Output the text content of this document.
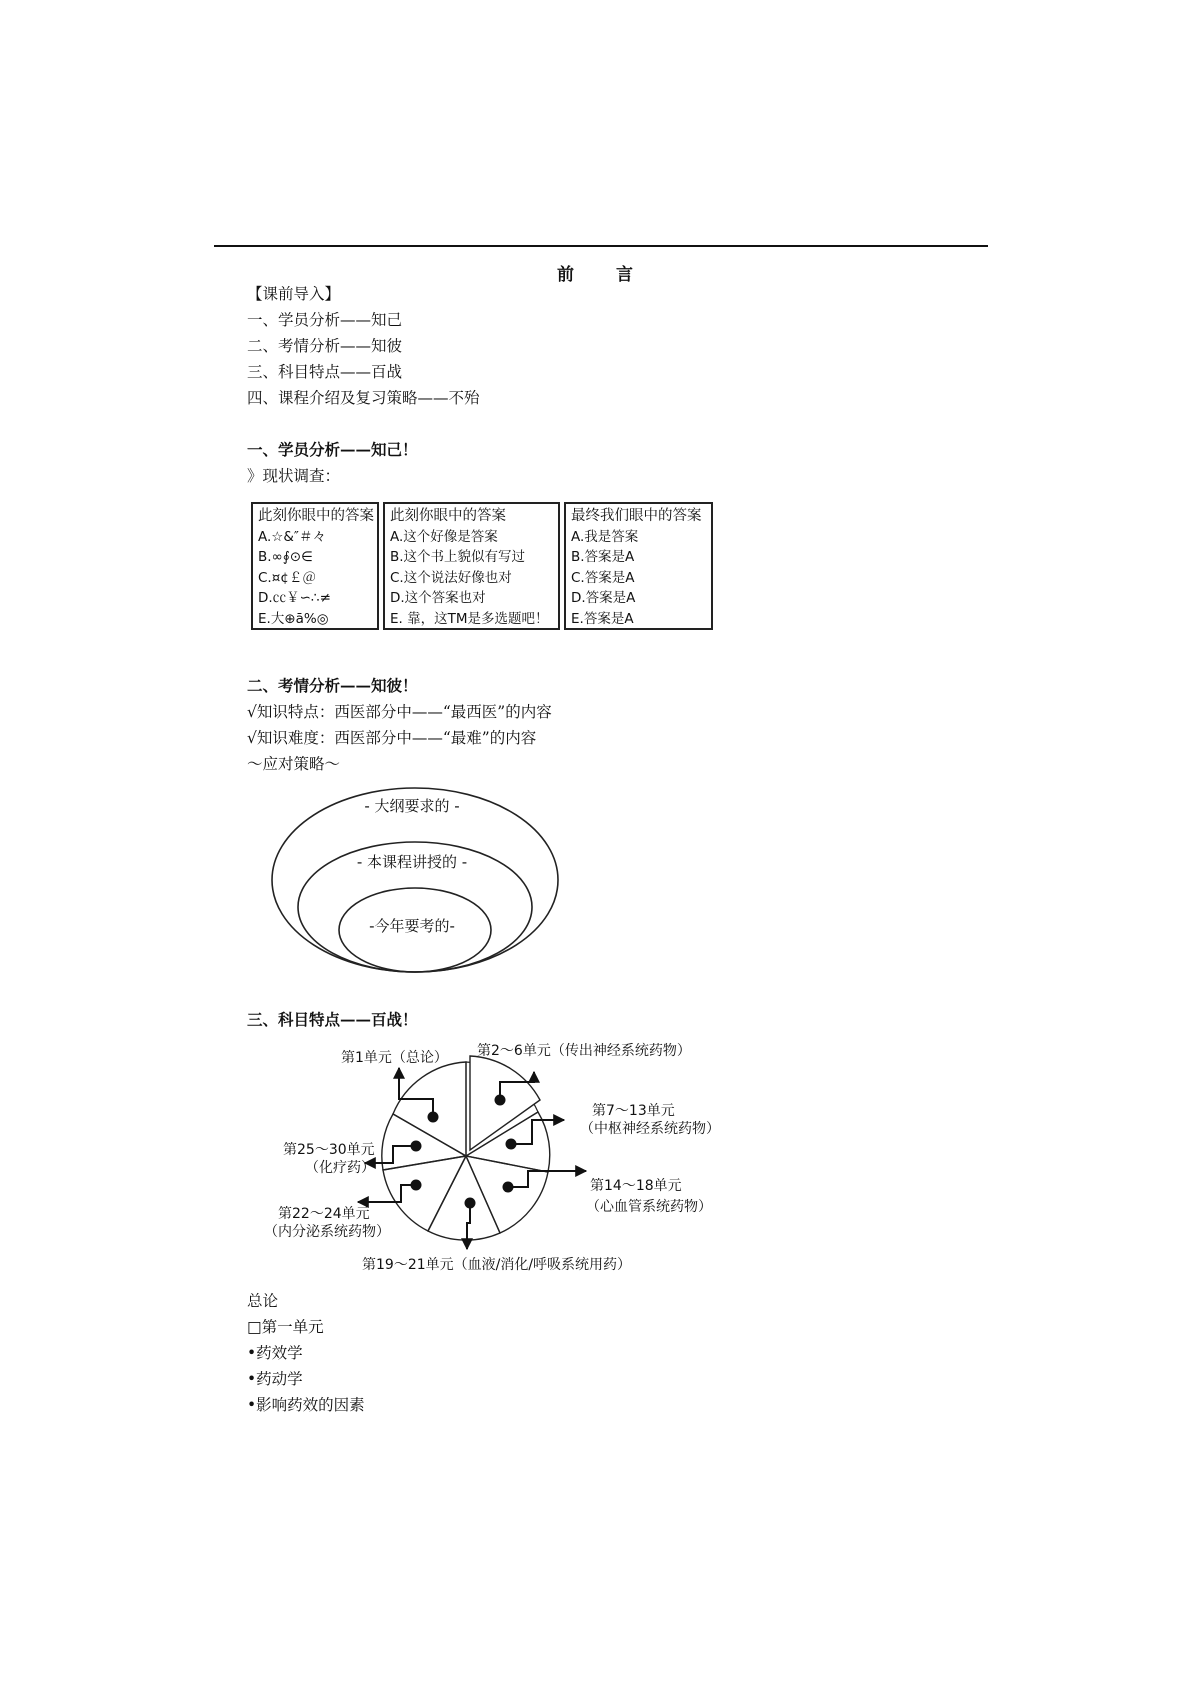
前 言
【课前导入】
一、学员分析——知己
二、考情分析——知彼
三、科目特点——百战
四、课程介绍及复习策略——不殆
一、学员分析——知己！
》现状调查：
此刻你眼中的答案
A.☆&″＃々
B.∞∮⊙∈
C.¤¢￡＠
D.㏄￥∽∴≠
E.大⊕ā%◎
此刻你眼中的答案
A.这个好像是答案
B.这个书上貌似有写过
C.这个说法好像也对
D.这个答案也对
E. 靠，这TM是多选题吧！
最终我们眼中的答案
A.我是答案
B.答案是A
C.答案是A
D.答案是A
E.答案是A
二、考情分析——知彼！
√知识特点：西医部分中——“最西医”的内容
√知识难度：西医部分中——“最难”的内容
～应对策略～
- 大纲要求的 -
- 本课程讲授的 -
-今年要考的-
三、科目特点——百战！
第1单元（总论） 第2～6单元（传出神经系统药物）
第7～13单元
（中枢神经系统药物）
第14～18单元
（心血管系统药物）
第19～21单元（血液/消化/呼吸系统用药）
第22～24单元
（内分泌系统药物）
第25～30单元
（化疗药）
总论
□第一单元
•药效学
•药动学
•影响药效的因素
